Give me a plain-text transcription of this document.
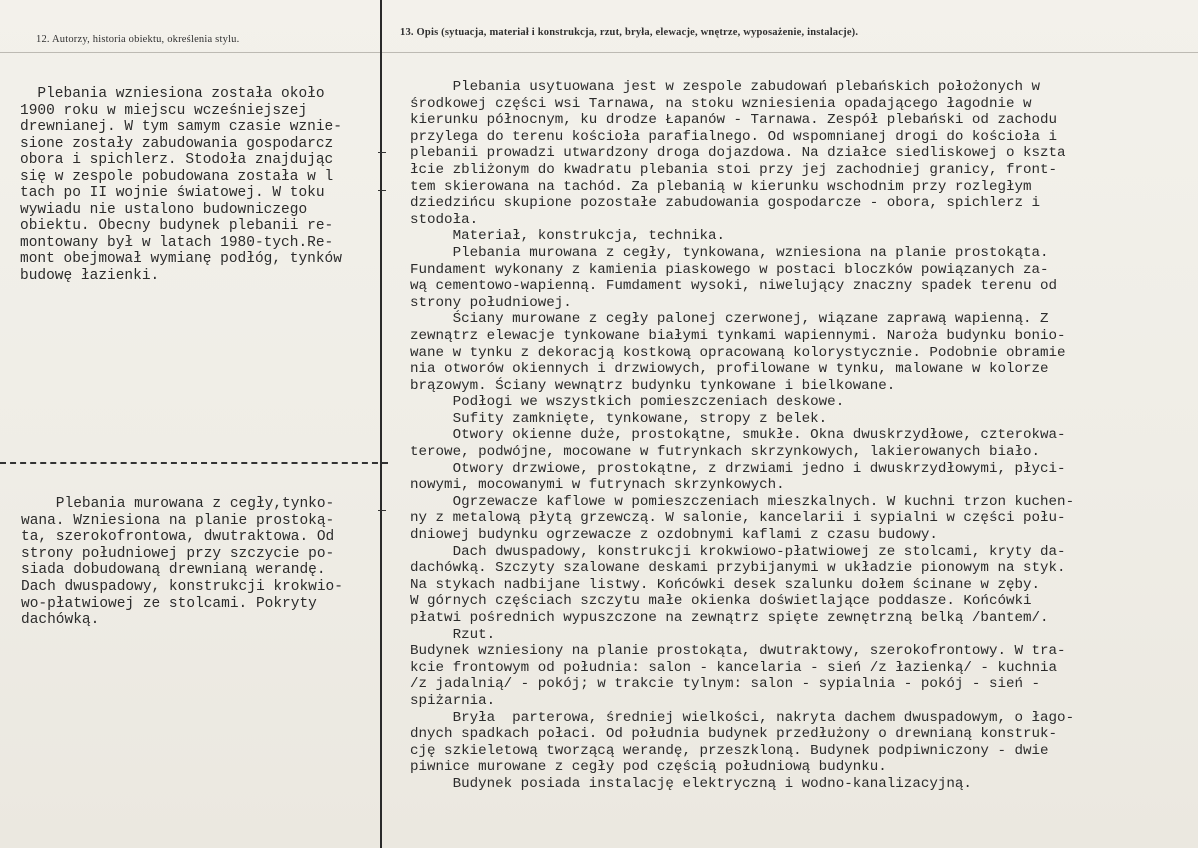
12. Autorzy, historia obiektu, określenia stylu.
13. Opis (sytuacja, materiał i konstrukcja, rzut, bryła, elewacje, wnętrze, wyposażenie, instalacje).
Plebania wzniesiona została około
1900 roku w miejscu wcześniejszej
drewnianej. W tym samym czasie wznie-
sione zostały zabudowania gospodarcz
obora i spichlerz. Stodoła znajdując
się w zespole pobudowana została w l
tach po II wojnie światowej. W toku
wywiadu nie ustalono budowniczego
obiektu. Obecny budynek plebanii re-
montowany był w latach 1980-tych.Re-
mont obejmował wymianę podłóg, tynków
budowę łazienki.
Plebania murowana z cegły,tynko-
wana. Wzniesiona na planie prostoką-
ta, szerokofrontowa, dwutraktowa. Od
strony południowej przy szczycie po-
siada dobudowaną drewnianą werandę.
Dach dwuspadowy, konstrukcji krokwio-
wo-płatwiowej ze stolcami. Pokryty
dachówką.
Plebania usytuowana jest w zespole zabudowań plebańskich położonych w
środkowej części wsi Tarnawa, na stoku wzniesienia opadającego łagodnie w
kierunku północnym, ku drodze Łapanów - Tarnawa. Zespół plebański od zachodu
przylega do terenu kościoła parafialnego. Od wspomnianej drogi do kościoła i
plebanii prowadzi utwardzony droga dojazdowa. Na działce siedliskowej o kszta
łcie zbliżonym do kwadratu plebania stoi przy jej zachodniej granicy, front-
tem skierowana na tachód. Za plebanią w kierunku wschodnim przy rozległym
dziedzińcu skupione pozostałe zabudowania gospodarcze - obora, spichlerz i
stodoła.
Materiał, konstrukcja, technika.
Plebania murowana z cegły, tynkowana, wzniesiona na planie prostokąta.
Fundament wykonany z kamienia piaskowego w postaci bloczków powiązanych za-
wą cementowo-wapienną. Fumdament wysoki, niwelujący znaczny spadek terenu od
strony południowej.
Ściany murowane z cegły palonej czerwonej, wiązane zaprawą wapienną. Z
zewnątrz elewacje tynkowane białymi tynkami wapiennymi. Naroża budynku bonio-
wane w tynku z dekoracją kostkową opracowaną kolorystycznie. Podobnie obramie
nia otworów okiennych i drzwiowych, profilowane w tynku, malowane w kolorze
brązowym. Ściany wewnątrz budynku tynkowane i bielkowane.
Podłogi we wszystkich pomieszczeniach deskowe.
Sufity zamknięte, tynkowane, stropy z belek.
Otwory okienne duże, prostokątne, smukłe. Okna dwuskrzydłowe, czterokwa-
terowe, podwójne, mocowane w futrynkach skrzynkowych, lakierowanych biało.
Otwory drzwiowe, prostokątne, z drzwiami jedno i dwuskrzydłowymi, płyci-
nowymi, mocowanymi w futrynach skrzynkowych.
Ogrzewacze kaflowe w pomieszczeniach mieszkalnych. W kuchni trzon kuchen-
ny z metalową płytą grzewczą. W salonie, kancelarii i sypialni w części połu-
dniowej budynku ogrzewacze z ozdobnymi kaflami z czasu budowy.
Dach dwuspadowy, konstrukcji krokwiowo-płatwiowej ze stolcami, kryty da-
dachówką. Szczyty szalowane deskami przybijanymi w układzie pionowym na styk.
Na stykach nadbijane listwy. Końcówki desek szalunku dołem ścinane w zęby.
W górnych częściach szczytu małe okienka doświetlające poddasze. Końcówki
płatwi pośrednich wypuszczone na zewnątrz spięte zewnętrzną belką /bantem/.
Rzut.
Budynek wzniesiony na planie prostokąta, dwutraktowy, szerokofrontowy. W tra-
kcie frontowym od południa: salon - kancelaria - sień /z łazienką/ - kuchnia
/z jadalnią/ - pokój; w trakcie tylnym: salon - sypialnia - pokój - sień -
spiżarnia.
Bryła  parterowa, średniej wielkości, nakryta dachem dwuspadowym, o łago-
dnych spadkach połaci. Od południa budynek przedłużony o drewnianą konstruk-
cję szkieletową tworzącą werandę, przeszkloną. Budynek podpiwniczony - dwie
piwnice murowane z cegły pod częścią południową budynku.
Budynek posiada instalację elektryczną i wodno-kanalizacyjną.
